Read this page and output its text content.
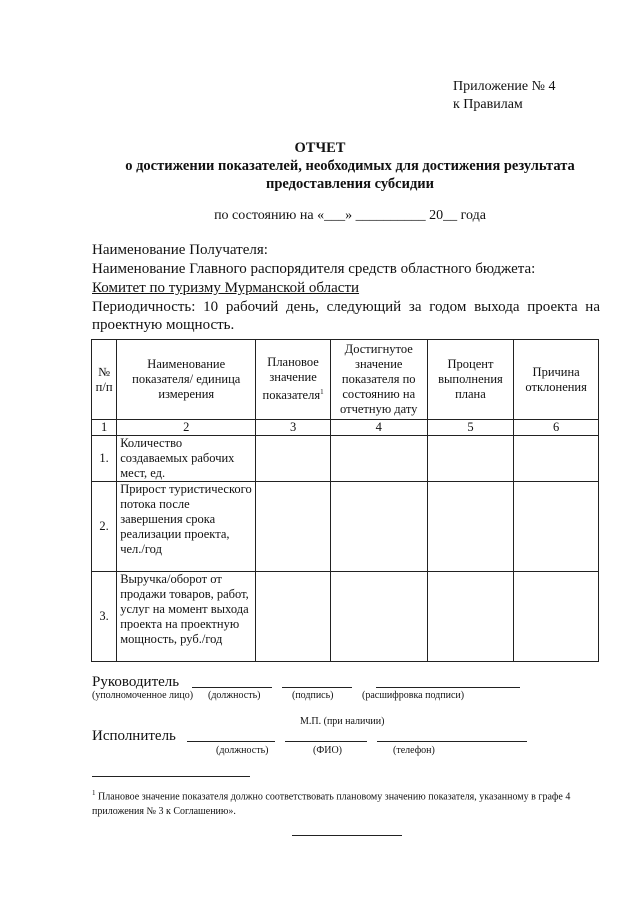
Приложение № 4
к Правилам
ОТЧЕТ
о достижении показателей, необходимых для достижения результата предоставления субсидии
по состоянию на «___» __________ 20__ года
Наименование Получателя:
Наименование Главного распорядителя средств областного бюджета:
Комитет по туризму Мурманской области
Периодичность: 10 рабочий день, следующий за годом выхода проекта на
проектную мощность.
№ п/п	Наименование показателя/ единица измерения	Плановое значение показателя$^1$	Достигнутое значение показателя по состоянию на отчетную дату	Процент выполнения плана	Причина отклонения
1	2	3	4	5	6
1.	Количество создаваемых рабочих мест, ед.				
2.	Прирост туристического потока после завершения срока реализации проекта, чел./год				
3.	Выручка/оборот от продажи товаров, работ, услуг на момент выхода проекта на проектную мощность, руб./год				
Руководитель
(уполномоченное лицо) (должность)	(подпись)	(расшифровка подписи)
М.П. (при наличии)
Исполнитель
(должность)	(ФИО)	(телефон)
$^1$ Плановое значение показателя должно соответствовать плановому значению показателя, указанному в графе 4 приложения № 3 к Соглашению».
